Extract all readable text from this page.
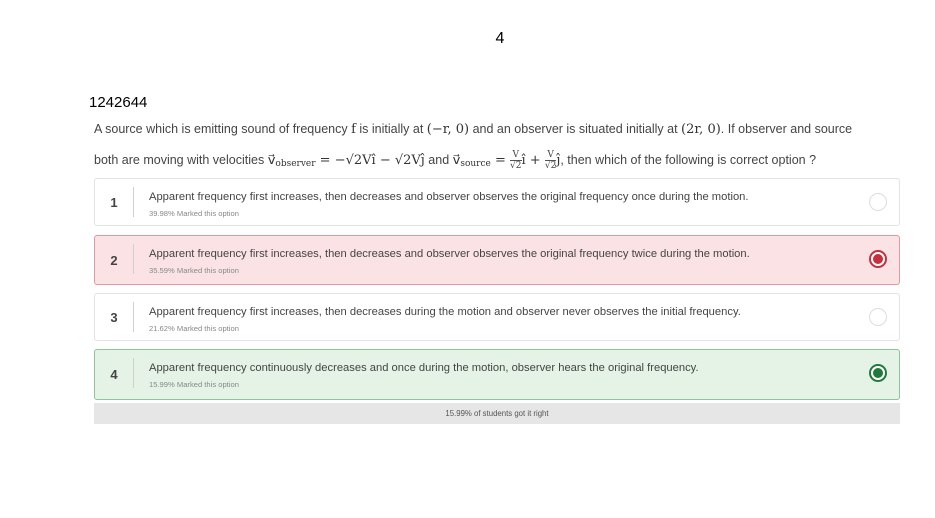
4
1242644
A source which is emitting sound of frequency f is initially at (−r, 0) and an observer is situated initially at (2r, 0). If observer and source
both are moving with velocities $v⃗_{observer}$ = −√2Vî − √2Vĵ and $v⃗_{source} = \frac{V}{√2}$ î + $\frac{V}{√2}$ ĵ, then which of the following is correct option ?
1	Apparent frequency first increases, then decreases and observer observes the original frequency once during the motion.
39.98% Marked this option
2	Apparent frequency first increases, then decreases and observer observes the original frequency twice during the motion.
35.59% Marked this option
3	Apparent frequency first increases, then decreases during the motion and observer never observes the initial frequency.
21.62% Marked this option
4	Apparent frequency continuously decreases and once during the motion, observer hears the original frequency.
15.99% Marked this option
15.99% of students got it right
